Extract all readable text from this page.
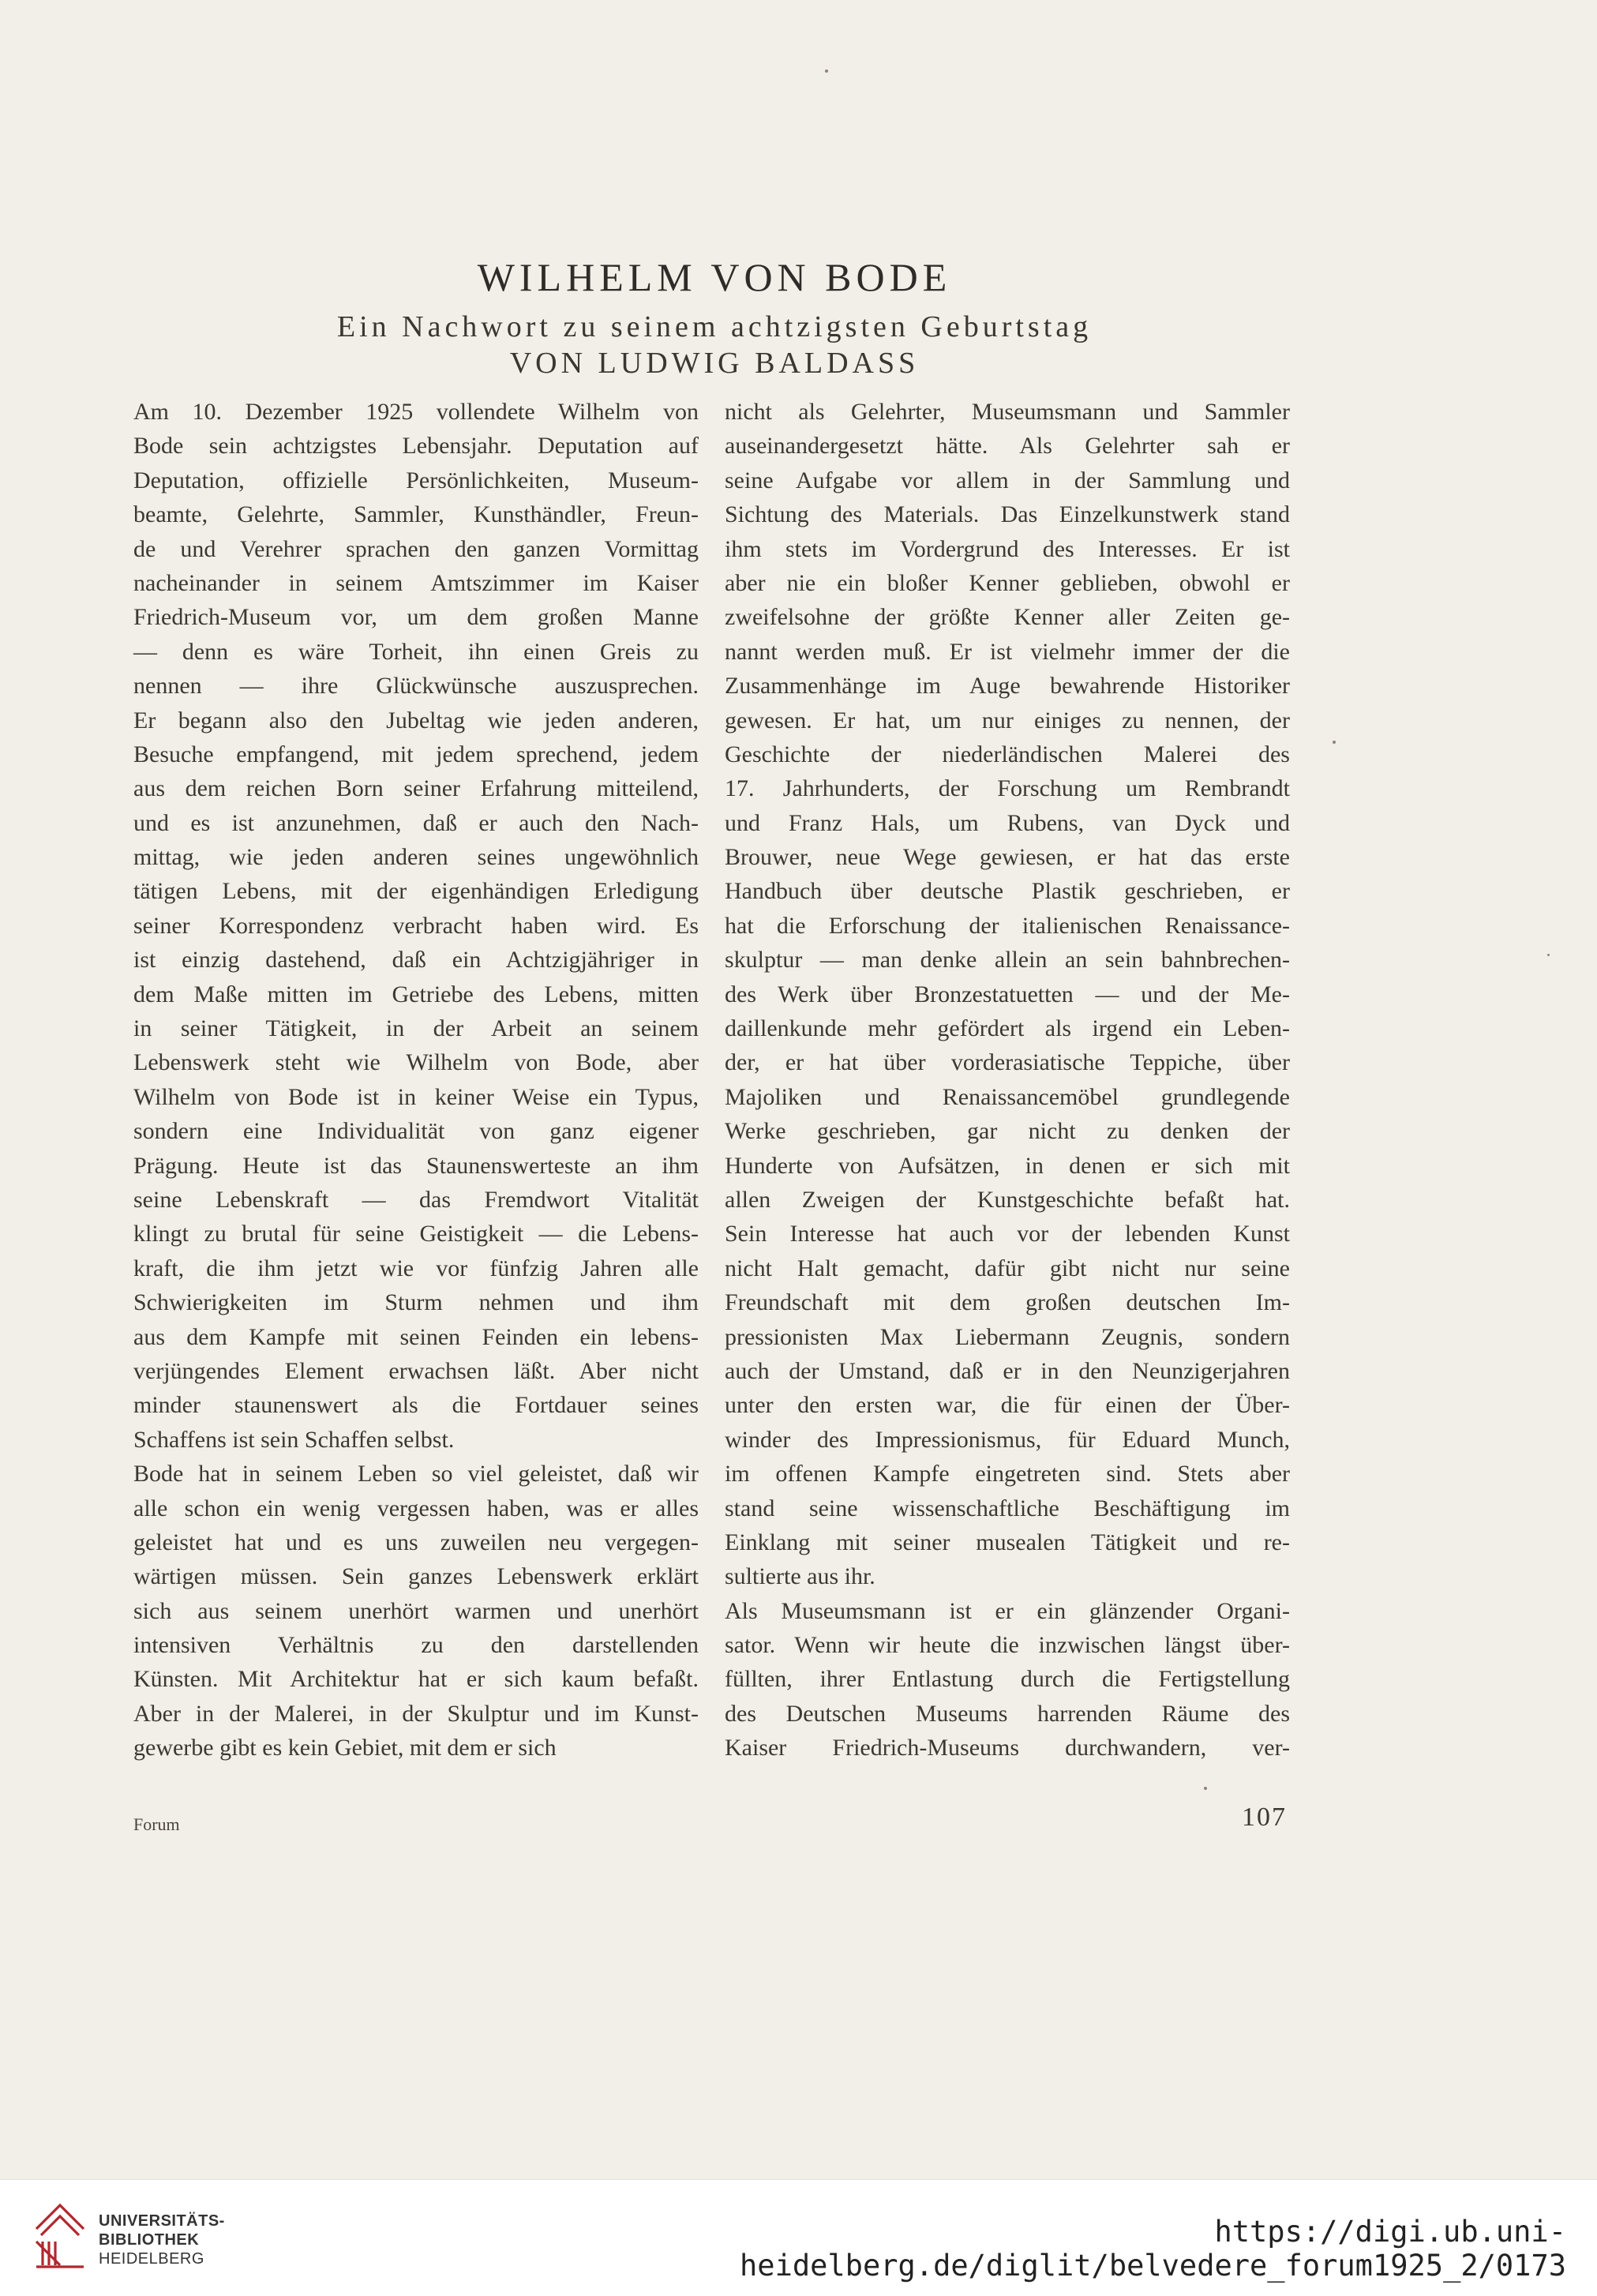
WILHELM VON BODE
Ein Nachwort zu seinem achtzigsten Geburtstag
VON LUDWIG BALDASS
Am 10. Dezember 1925 vollendete Wilhelm von
Bode sein achtzigstes Lebensjahr. Deputation auf
Deputation, offizielle Persönlichkeiten, Museum-
beamte, Gelehrte, Sammler, Kunsthändler, Freun-
de und Verehrer sprachen den ganzen Vormittag
nacheinander in seinem Amtszimmer im Kaiser
Friedrich-Museum vor, um dem großen Manne
— denn es wäre Torheit, ihn einen Greis zu
nennen — ihre Glückwünsche auszusprechen.
Er begann also den Jubeltag wie jeden anderen,
Besuche empfangend, mit jedem sprechend, jedem
aus dem reichen Born seiner Erfahrung mitteilend,
und es ist anzunehmen, daß er auch den Nach-
mittag, wie jeden anderen seines ungewöhnlich
tätigen Lebens, mit der eigenhändigen Erledigung
seiner Korrespondenz verbracht haben wird. Es
ist einzig dastehend, daß ein Achtzigjähriger in
dem Maße mitten im Getriebe des Lebens, mitten
in seiner Tätigkeit, in der Arbeit an seinem
Lebenswerk steht wie Wilhelm von Bode, aber
Wilhelm von Bode ist in keiner Weise ein Typus,
sondern eine Individualität von ganz eigener
Prägung. Heute ist das Staunenswerteste an ihm
seine Lebenskraft — das Fremdwort Vitalität
klingt zu brutal für seine Geistigkeit — die Lebens-
kraft, die ihm jetzt wie vor fünfzig Jahren alle
Schwierigkeiten im Sturm nehmen und ihm
aus dem Kampfe mit seinen Feinden ein lebens-
verjüngendes Element erwachsen läßt. Aber nicht
minder staunenswert als die Fortdauer seines
Schaffens ist sein Schaffen selbst.
Bode hat in seinem Leben so viel geleistet, daß wir
alle schon ein wenig vergessen haben, was er alles
geleistet hat und es uns zuweilen neu vergegen-
wärtigen müssen. Sein ganzes Lebenswerk erklärt
sich aus seinem unerhört warmen und unerhört
intensiven Verhältnis zu den darstellenden
Künsten. Mit Architektur hat er sich kaum befaßt.
Aber in der Malerei, in der Skulptur und im Kunst-
gewerbe gibt es kein Gebiet, mit dem er sich
nicht als Gelehrter, Museumsmann und Sammler
auseinandergesetzt hätte. Als Gelehrter sah er
seine Aufgabe vor allem in der Sammlung und
Sichtung des Materials. Das Einzelkunstwerk stand
ihm stets im Vordergrund des Interesses. Er ist
aber nie ein bloßer Kenner geblieben, obwohl er
zweifelsohne der größte Kenner aller Zeiten ge-
nannt werden muß. Er ist vielmehr immer der die
Zusammenhänge im Auge bewahrende Historiker
gewesen. Er hat, um nur einiges zu nennen, der
Geschichte der niederländischen Malerei des
17. Jahrhunderts, der Forschung um Rembrandt
und Franz Hals, um Rubens, van Dyck und
Brouwer, neue Wege gewiesen, er hat das erste
Handbuch über deutsche Plastik geschrieben, er
hat die Erforschung der italienischen Renaissance-
skulptur — man denke allein an sein bahnbrechen-
des Werk über Bronzestatuetten — und der Me-
daillenkunde mehr gefördert als irgend ein Leben-
der, er hat über vorderasiatische Teppiche, über
Majoliken und Renaissancemöbel grundlegende
Werke geschrieben, gar nicht zu denken der
Hunderte von Aufsätzen, in denen er sich mit
allen Zweigen der Kunstgeschichte befaßt hat.
Sein Interesse hat auch vor der lebenden Kunst
nicht Halt gemacht, dafür gibt nicht nur seine
Freundschaft mit dem großen deutschen Im-
pressionisten Max Liebermann Zeugnis, sondern
auch der Umstand, daß er in den Neunzigerjahren
unter den ersten war, die für einen der Über-
winder des Impressionismus, für Eduard Munch,
im offenen Kampfe eingetreten sind. Stets aber
stand seine wissenschaftliche Beschäftigung im
Einklang mit seiner musealen Tätigkeit und re-
sultierte aus ihr.
Als Museumsmann ist er ein glänzender Organi-
sator. Wenn wir heute die inzwischen längst über-
füllten, ihrer Entlastung durch die Fertigstellung
des Deutschen Museums harrenden Räume des
Kaiser Friedrich-Museums durchwandern, ver-
Forum	107
UNIVERSITÄTS-
BIBLIOTHEK
HEIDELBERG
https://digi.ub.uni-heidelberg.de/diglit/belvedere_forum1925_2/0173
